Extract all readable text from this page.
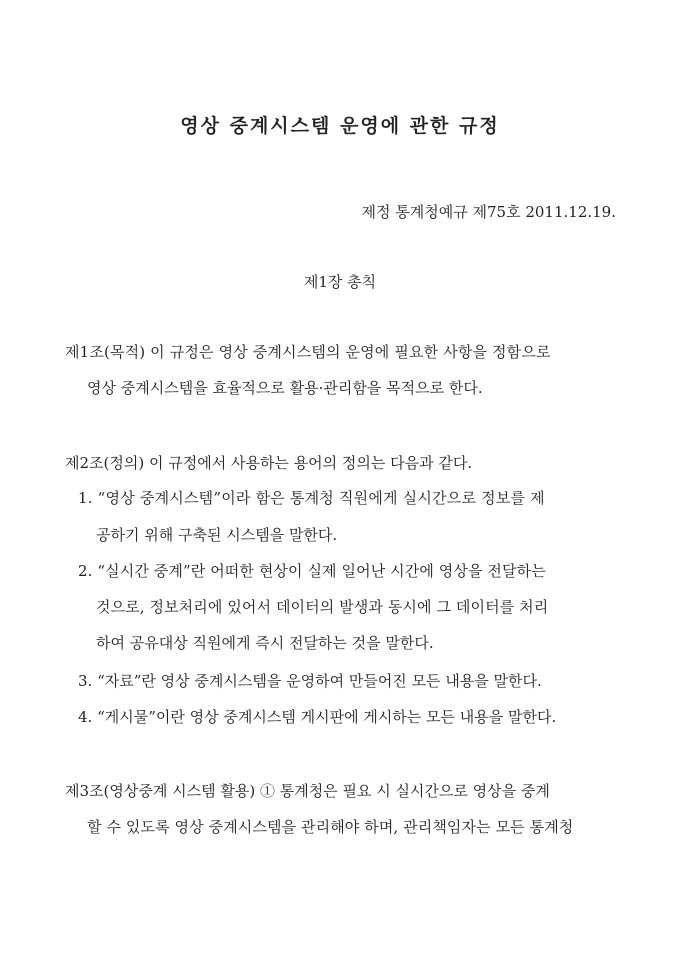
영상 중계시스템 운영에 관한 규정
제정 통계청예규 제75호 2011.12.19.
제1장 총칙
제1조(목적) 이 규정은 영상 중계시스템의 운영에 필요한 사항을 정함으로
영상 중계시스템을 효율적으로 활용·관리함을 목적으로 한다.
제2조(정의) 이 규정에서 사용하는 용어의 정의는 다음과 같다.
1. “영상 중계시스템”이라 함은 통계청 직원에게 실시간으로 정보를 제
공하기 위해 구축된 시스템을 말한다.
2. “실시간 중계”란 어떠한 현상이 실제 일어난 시간에 영상을 전달하는
것으로, 정보처리에 있어서 데이터의 발생과 동시에 그 데이터를 처리
하여 공유대상 직원에게 즉시 전달하는 것을 말한다.
3. “자료”란 영상 중계시스템을 운영하여 만들어진 모든 내용을 말한다.
4. “게시물”이란 영상 중계시스템 게시판에 게시하는 모든 내용을 말한다.
제3조(영상중계 시스템 활용) ① 통계청은 필요 시 실시간으로 영상을 중계
할 수 있도록 영상 중계시스템을 관리해야 하며, 관리책임자는 모든 통계청
